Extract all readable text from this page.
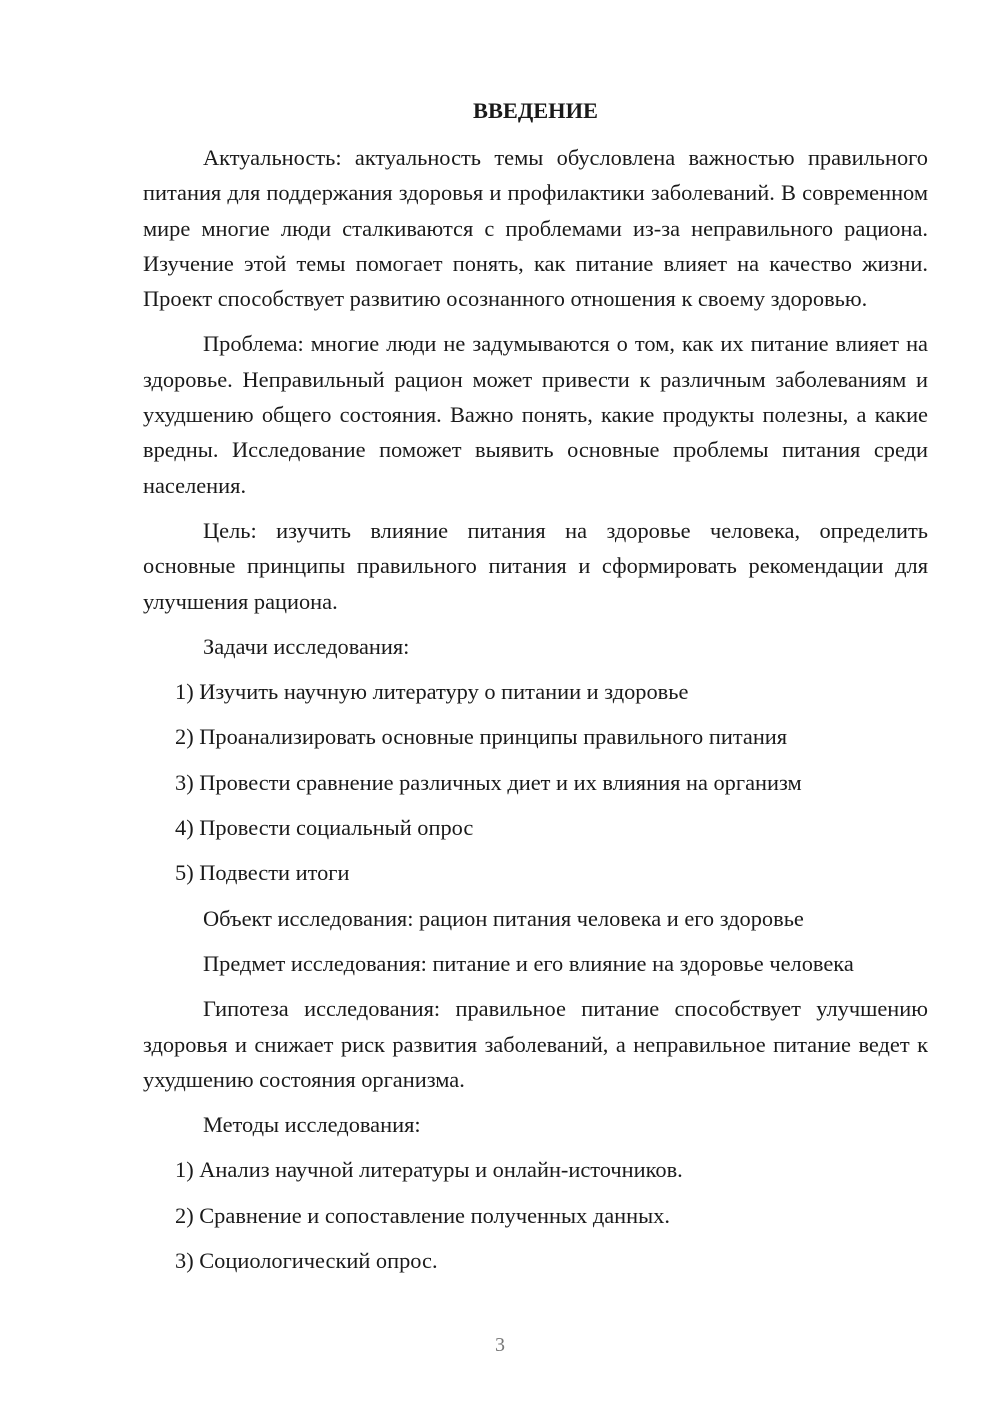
ВВЕДЕНИЕ

Актуальность: актуальность темы обусловлена важностью правильного питания для поддержания здоровья и профилактики заболеваний. В современном мире многие люди сталкиваются с проблемами из-за неправильного рациона. Изучение этой темы помогает понять, как питание влияет на качество жизни. Проект способствует развитию осознанного отношения к своему здоровью.

Проблема: многие люди не задумываются о том, как их питание влияет на здоровье. Неправильный рацион может привести к различным заболеваниям и ухудшению общего состояния. Важно понять, какие продукты полезны, а какие вредны. Исследование поможет выявить основные проблемы питания среди населения.

Цель: изучить влияние питания на здоровье человека, определить основные принципы правильного питания и сформировать рекомендации для улучшения рациона.

Задачи исследования:
1) Изучить научную литературу о питании и здоровье
2) Проанализировать основные принципы правильного питания
3) Провести сравнение различных диет и их влияния на организм
4) Провести социальный опрос
5) Подвести итоги
Объект исследования: рацион питания человека и его здоровье
Предмет исследования: питание и его влияние на здоровье человека

Гипотеза исследования: правильное питание способствует улучшению здоровья и снижает риск развития заболеваний, а неправильное питание ведет к ухудшению состояния организма.

Методы исследования:
1) Анализ научной литературы и онлайн-источников.
2) Сравнение и сопоставление полученных данных.
3) Социологический опрос.
3
